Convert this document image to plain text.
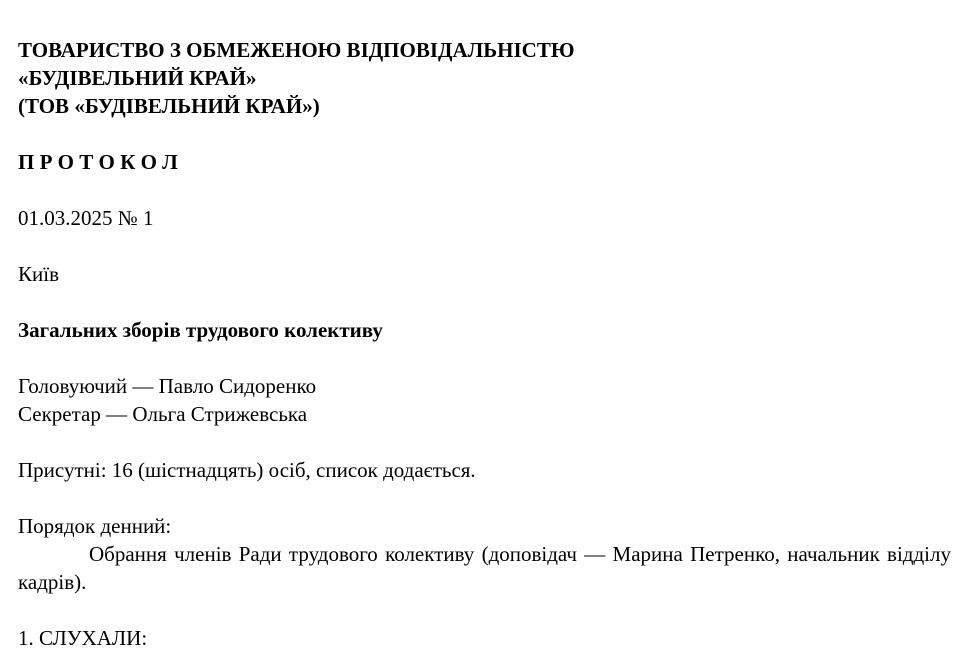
ТОВАРИСТВО З ОБМЕЖЕНОЮ ВІДПОВІДАЛЬНІСТЮ
«БУДІВЕЛЬНИЙ КРАЙ»
(ТОВ «БУДІВЕЛЬНИЙ КРАЙ»)
П Р О Т О К О Л
01.03.2025 № 1
Київ
Загальних зборів трудового колективу
Головуючий — Павло Сидоренко
Секретар — Ольга Стрижевська
Присутні: 16 (шістнадцять) осіб, список додається.
Порядок денний:
Обрання членів Ради трудового колективу (доповідач — Марина Петренко, начальник відділу кадрів).
1. СЛУХАЛИ:
